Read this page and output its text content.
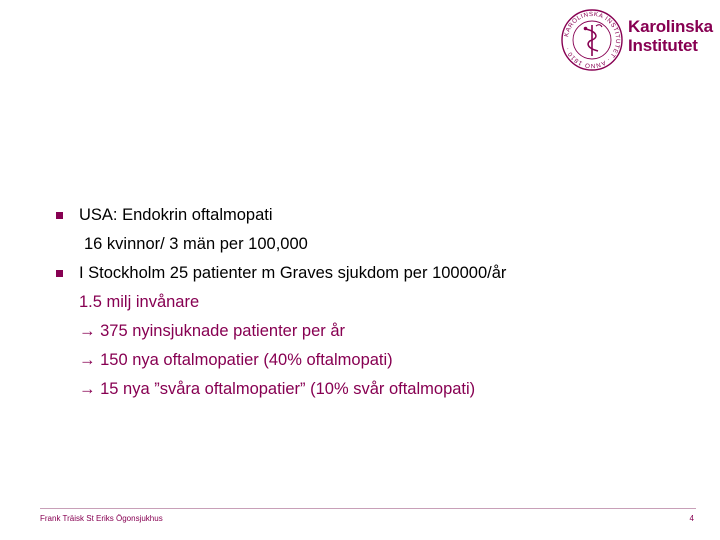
KAROLINSKA INSTITUTET · ANNO 1810 ·
Karolinska
Institutet
USA: Endokrin oftalmopati
16 kvinnor/ 3 män per 100,000
I Stockholm 25 patienter m Graves sjukdom per 100000/år
1.5 milj invånare
→ 375 nyinsjuknade patienter per år
→ 150 nya oftalmopatier (40% oftalmopati)
→ 15 nya ”svåra oftalmopatier” (10% svår oftalmopati)
Frank Träisk St Eriks Ögonsjukhus	4
